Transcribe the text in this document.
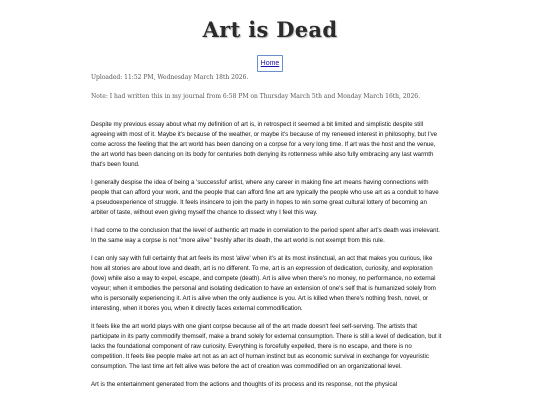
Art is Dead
Home
Uploaded: 11:52 PM, Wednesday March 18th 2026.
Note: I had written this in my journal from 6:58 PM on Thursday March 5th and Monday March 16th, 2026.

Despite my previous essay about what my definition of art is, in retrospect it seemed a bit limited and simplistic despite still agreeing with most of it. Maybe it's because of the weather, or maybe it's because of my renewed interest in philosophy, but I've come across the feeling that the art world has been dancing on a corpse for a very long time. If art was the host and the venue, the art world has been dancing on its body for centuries both denying its rottenness while also fully embracing any last warmth that's been found.

I generally despise the idea of being a 'successful' artist, where any career in making fine art means having connections with people that can afford your work, and the people that can afford fine art are typically the people who use art as a conduit to have a pseudoexperience of struggle. It feels insincere to join the party in hopes to win some great cultural lottery of becoming an arbiter of taste, without even giving myself the chance to dissect why I feel this way.

I had come to the conclusion that the level of authentic art made in correlation to the period spent after art's death was irrelevant. In the same way a corpse is not "more alive" freshly after its death, the art world is not exempt from this rule.

I can only say with full certainty that art feels its most 'alive' when it's at its most instinctual, an act that makes you curious, like how all stories are about love and death, art is no different. To me, art is an expression of dedication, curiosity, and exploration (love) while also a way to expel, escape, and compete (death). Art is alive when there's no money, no performance, no external voyeur; when it embodies the personal and isolating dedication to have an extension of one's self that is humanized solely from who is personally experiencing it. Art is alive when the only audience is you. Art is killed when there's nothing fresh, novel, or interesting, when it bores you, when it directly faces external commodification.

It feels like the art world plays with one giant corpse because all of the art made doesn't feel self-serving. The artists that participate in its party commodify themself, make a brand solely for external consumption. There is still a level of dedication, but it lacks the foundational component of raw curiosity. Everything is forcefully expelled, there is no escape, and there is no competition. It feels like people make art not as an act of human instinct but as economic survival in exchange for voyeuristic consumption. The last time art felt alive was before the act of creation was commodified on an organizational level.

Art is the entertainment generated from the actions and thoughts of its process and its response, not the physical
